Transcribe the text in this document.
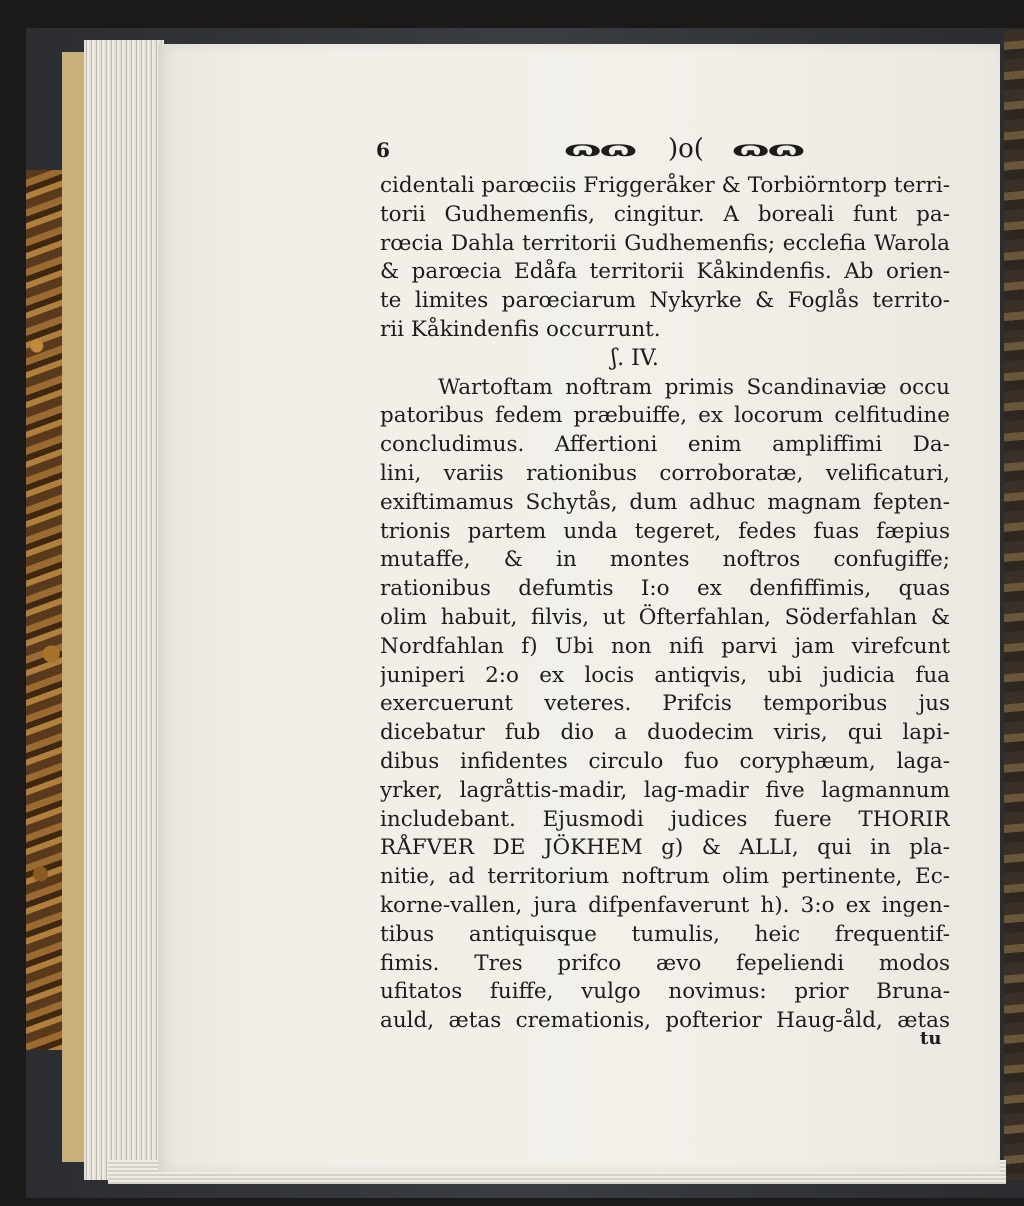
6	ɷɷ )o( ɷɷ
cidentali parœciis Friggeråker & Torbiörntorp terri-
torii Gudhemenfis, cingitur. A boreali funt pa-
rœcia Dahla territorii Gudhemenfis; ecclefia Warola
& parœcia Edåfa territorii Kåkindenfis. Ab orien-
te limites parœciarum Nykyrke & Foglås territo-
rii Kåkindenfis occurrunt.
ʃ. IV.
Wartoftam noftram primis Scandinaviæ occu
patoribus fedem præbuiffe, ex locorum celfitudine
concludimus. Affertioni enim ampliffimi Da-
lini, variis rationibus corroboratæ, velificaturi,
exiftimamus Schytås, dum adhuc magnam fepten-
trionis partem unda tegeret, fedes fuas fæpius
mutaffe, & in montes noftros confugiffe;
rationibus defumtis I:o ex denfiffimis, quas
olim habuit, filvis, ut Öfterfahlan, Söderfahlan &
Nordfahlan f) Ubi non nifi parvi jam virefcunt
juniperi 2:o ex locis antiqvis, ubi judicia fua
exercuerunt veteres. Prifcis temporibus jus
dicebatur fub dio a duodecim viris, qui lapi-
dibus infidentes circulo fuo coryphæum, laga-
yrker, lagråttis-madir, lag-madir five lagmannum
includebant. Ejusmodi judices fuere THORIR
RÅFVER DE JÖKHEM g) & ALLI, qui in pla-
nitie, ad territorium noftrum olim pertinente, Ec-
korne-vallen, jura difpenfaverunt h). 3:o ex ingen-
tibus antiquisque tumulis, heic frequentif-
fimis. Tres prifco ævo fepeliendi modos
ufitatos fuiffe, vulgo novimus: prior Bruna-
auld, ætas cremationis, pofterior Haug-åld, ætas
tu
